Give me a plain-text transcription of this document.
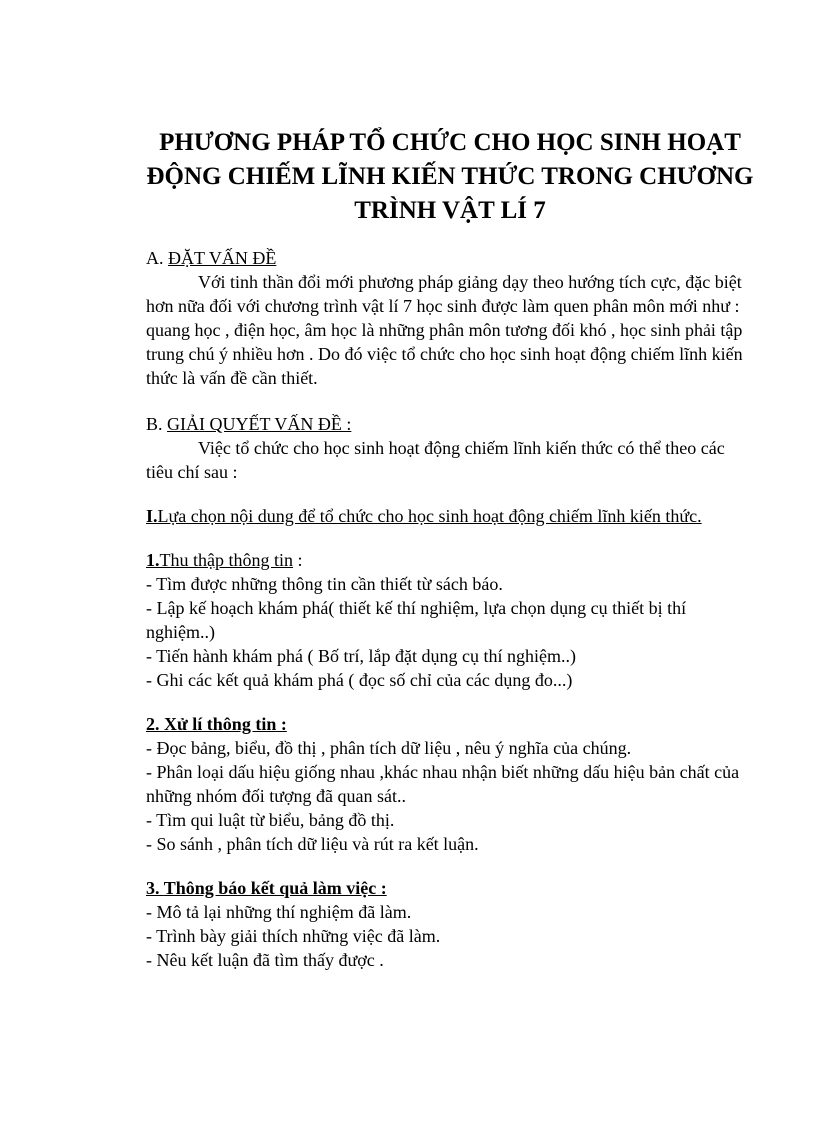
PHƯƠNG PHÁP TỔ CHỨC CHO HỌC SINH HOẠT ĐỘNG CHIẾM LĨNH KIẾN THỨC TRONG CHƯƠNG TRÌNH VẬT LÍ 7
A. ĐẶT VẤN ĐỀ

Với tinh thần đổi mới phương pháp giảng dạy theo hướng tích cực, đặc biệt hơn nữa đối với chương trình vật lí 7 học sinh được làm quen phân môn mới như : quang học , điện học, âm học là những phân môn tương đối khó , học sinh phải tập trung chú ý nhiều hơn . Do đó việc tổ chức cho học sinh hoạt động chiếm lĩnh kiến thức là vấn đề cần thiết.

B. GIẢI QUYẾT VẤN ĐỀ :

Việc tổ chức cho học sinh hoạt động chiếm lĩnh kiến thức có thể theo các tiêu chí sau :

I.Lựa chọn nội dung để tổ chức cho học sinh hoạt động chiếm lĩnh kiến thức.

1.Thu thập thông tin :

- Tìm được những thông tin cần thiết từ sách báo.

- Lập kế hoạch khám phá( thiết kế thí nghiệm, lựa chọn dụng cụ thiết bị thí nghiệm..)

- Tiến hành khám phá ( Bố trí, lắp đặt dụng cụ thí nghiệm..)

- Ghi các kết quả khám phá ( đọc số chỉ của các dụng đo...)

2. Xử lí thông tin :

- Đọc bảng, biểu, đồ thị , phân tích dữ liệu , nêu ý nghĩa của chúng.

- Phân loại dấu hiệu giống nhau ,khác nhau nhận biết những dấu hiệu bản chất của những nhóm đối tượng đã quan sát..

- Tìm qui luật từ biểu, bảng đồ thị.

- So sánh , phân tích dữ liệu và rút ra kết luận.

3. Thông báo kết quả làm việc :

- Mô tả lại những thí nghiệm đã làm.

- Trình bày giải thích những việc đã làm.

- Nêu kết luận đã tìm thấy được .
